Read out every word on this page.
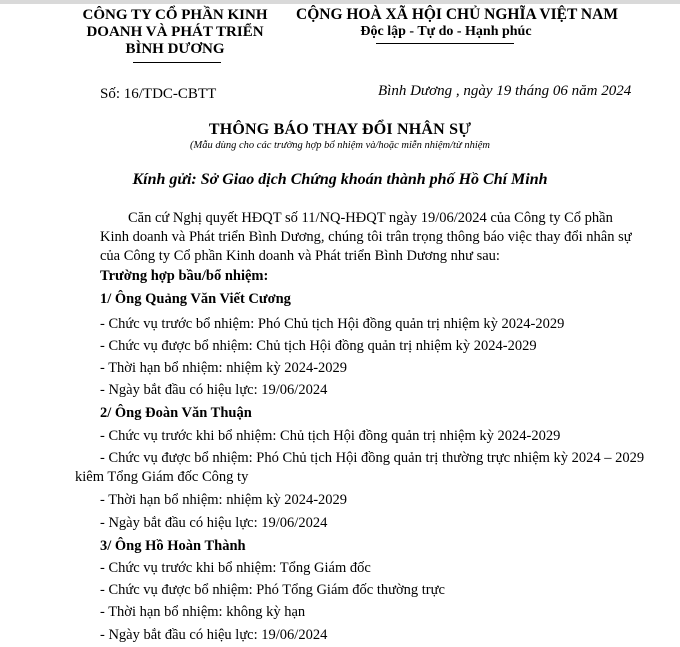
CÔNG TY CỔ PHẦN KINH
DOANH VÀ PHÁT TRIỂN
BÌNH DƯƠNG
CỘNG HOÀ XÃ HỘI CHỦ NGHĨA VIỆT NAM
Độc lập - Tự do - Hạnh phúc
Số: 16/TDC-CBTT	Bình Dương , ngày 19 tháng 06 năm 2024
THÔNG BÁO THAY ĐỔI NHÂN SỰ
(Mẫu dùng cho các trường hợp bổ nhiệm và/hoặc miễn nhiệm/từ nhiệm
Kính gửi: Sở Giao dịch Chứng khoán thành phố Hồ Chí Minh
Căn cứ Nghị quyết HĐQT số 11/NQ-HĐQT ngày 19/06/2024 của Công ty Cổ phần Kinh doanh và Phát triển Bình Dương, chúng tôi trân trọng thông báo việc thay đổi nhân sự của Công ty Cổ phần Kinh doanh và Phát triển Bình Dương như sau:
Trường hợp bầu/bổ nhiệm:
1/ Ông Quảng Văn Viết Cương
- Chức vụ trước bổ nhiệm: Phó Chủ tịch Hội đồng quản trị nhiệm kỳ 2024-2029
- Chức vụ được bổ nhiệm: Chủ tịch Hội đồng quản trị nhiệm kỳ 2024-2029
- Thời hạn bổ nhiệm: nhiệm kỳ 2024-2029
- Ngày bắt đầu có hiệu lực: 19/06/2024
2/ Ông Đoàn Văn Thuận
- Chức vụ trước khi bổ nhiệm: Chủ tịch Hội đồng quản trị nhiệm kỳ 2024-2029
- Chức vụ được bổ nhiệm: Phó Chủ tịch Hội đồng quản trị thường trực nhiệm kỳ 2024 – 2029
kiêm Tổng Giám đốc Công ty
- Thời hạn bổ nhiệm: nhiệm kỳ 2024-2029
- Ngày bắt đầu có hiệu lực: 19/06/2024
3/ Ông Hồ Hoàn Thành
- Chức vụ trước khi bổ nhiệm: Tổng Giám đốc
- Chức vụ được bổ nhiệm: Phó Tổng Giám đốc thường trực
- Thời hạn bổ nhiệm: không kỳ hạn
- Ngày bắt đầu có hiệu lực: 19/06/2024
